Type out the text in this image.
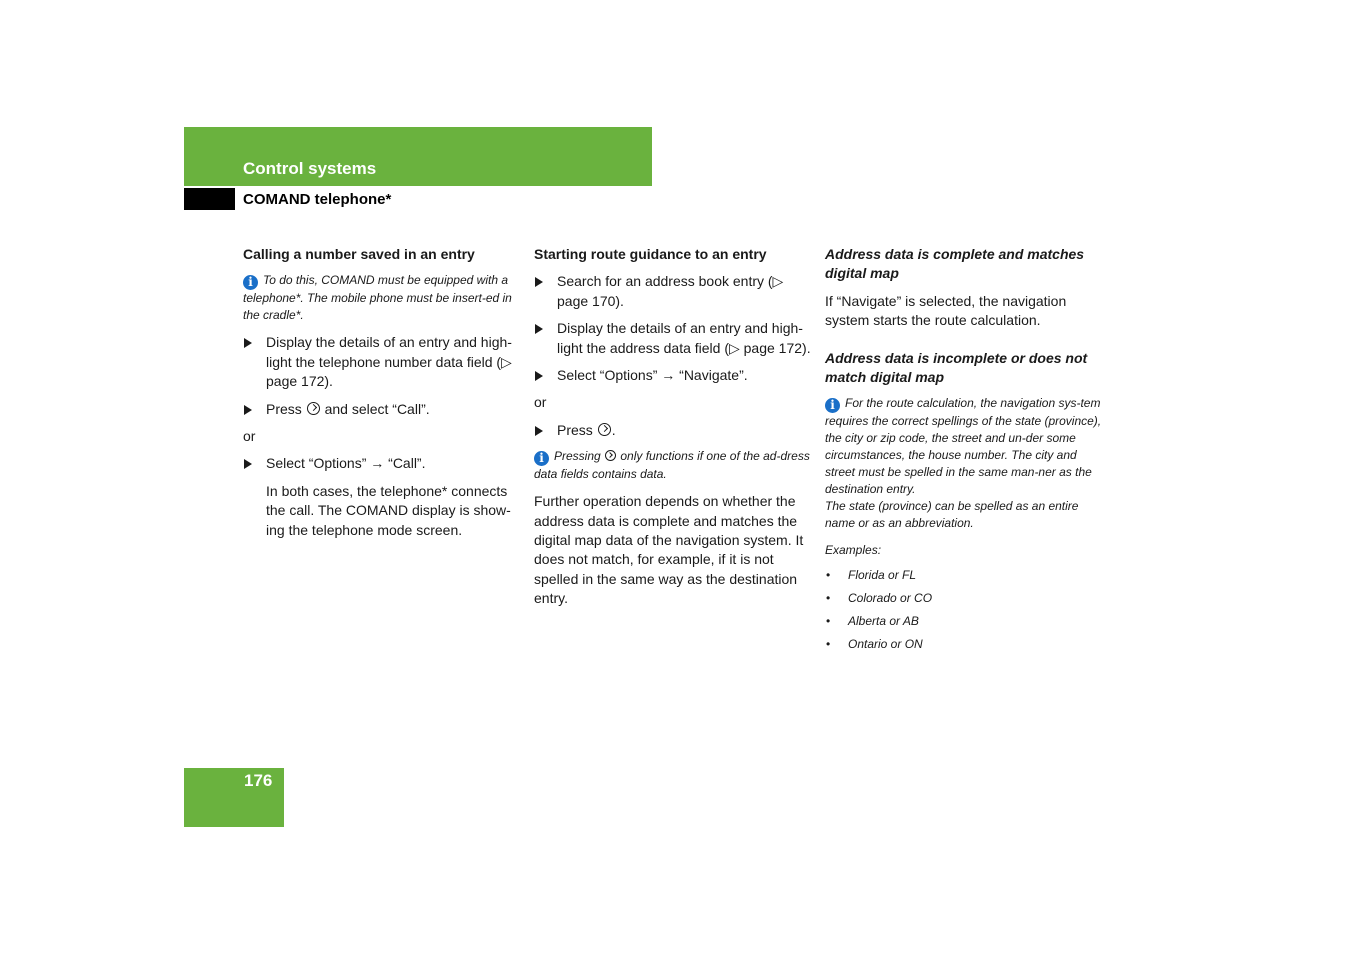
Control systems
COMAND telephone*
Calling a number saved in an entry
i To do this, COMAND must be equipped with a telephone*. The mobile phone must be insert-ed in the cradle*.
Display the details of an entry and high-light the telephone number data field (▷ page 172).
Press and select “Call”.
or
Select “Options” → “Call”.
In both cases, the telephone* connects the call. The COMAND display is show-ing the telephone mode screen.
Starting route guidance to an entry
Search for an address book entry (▷ page 170).
Display the details of an entry and high-light the address data field (▷ page 172).
Select “Options” → “Navigate”.
or
Press .
i Pressing only functions if one of the ad-dress data fields contains data.
Further operation depends on whether the address data is complete and matches the digital map data of the navigation system. It does not match, for example, if it is not spelled in the same way as the destination entry.
Address data is complete and matches digital map
If “Navigate” is selected, the navigation system starts the route calculation.
Address data is incomplete or does not match digital map
i For the route calculation, the navigation sys-tem requires the correct spellings of the state (province), the city or zip code, the street and un-der some circumstances, the house number. The city and street must be spelled in the same man-ner as the destination entry.
The state (province) can be spelled as an entire name or as an abbreviation.
Examples:
• Florida or FL
• Colorado or CO
• Alberta or AB
• Ontario or ON
176
